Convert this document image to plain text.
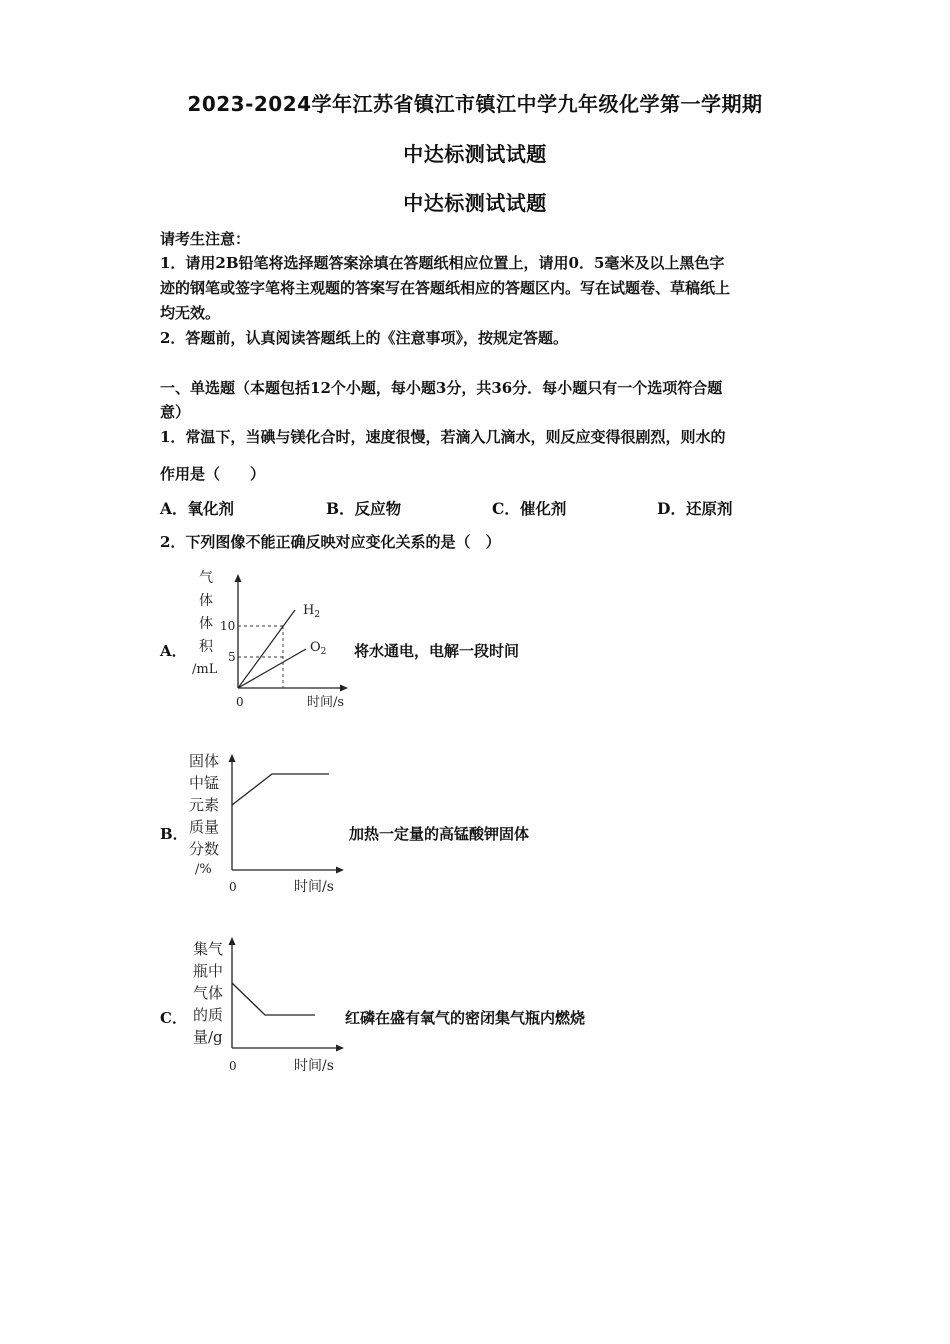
2023-2024学年江苏省镇江市镇江中学九年级化学第一学期期
中达标测试试题
中达标测试试题
请考生注意：
1．请用2B铅笔将选择题答案涂填在答题纸相应位置上，请用0．5毫米及以上黑色字
迹的钢笔或签字笔将主观题的答案写在答题纸相应的答题区内。写在试题卷、草稿纸上
均无效。
2．答题前，认真阅读答题纸上的《注意事项》，按规定答题。
一、单选题（本题包括12个小题，每小题3分，共36分．每小题只有一个选项符合题
意）
1．常温下，当碘与镁化合时，速度很慢，若滴入几滴水，则反应变得很剧烈，则水的
作用是（　　）
A．氧化剂	B．反应物	C．催化剂	D．还原剂
2．下列图像不能正确反映对应变化关系的是（　）
A．
气
体
体
积
/mL
10
5
$H_2$
$O_2$
0	时间/s
将水通电，电解一段时间
B．
固体
中锰
元素
质量
分数
/%
0	时间/s
加热一定量的高锰酸钾固体
C．
集气
瓶中
气体
的质
量/g
0	时间/s
红磷在盛有氧气的密闭集气瓶内燃烧
